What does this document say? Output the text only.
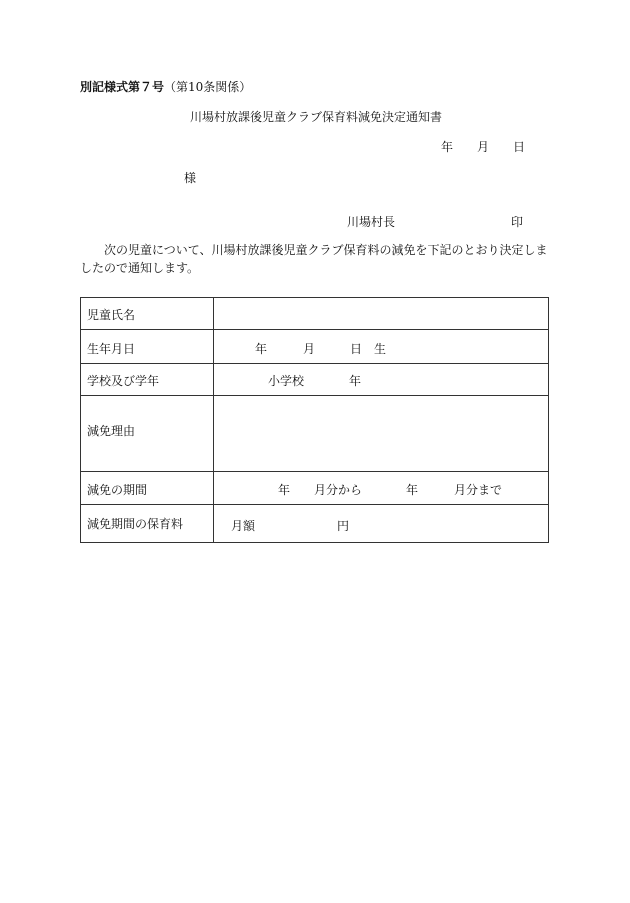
別記様式第７号（第10条関係）
川場村放課後児童クラブ保育料減免決定通知書
年 月 日
様
川場村長	印
次の児童について、川場村放課後児童クラブ保育料の減免を下記のとおり決定しましたので通知します。
児童氏名	
生年月日	年 月 日 生

学校及び学年	小学校 年

減免理由	
減免の期間	年 月分から 年 月分まで

減免期間の保育料	月額 円
